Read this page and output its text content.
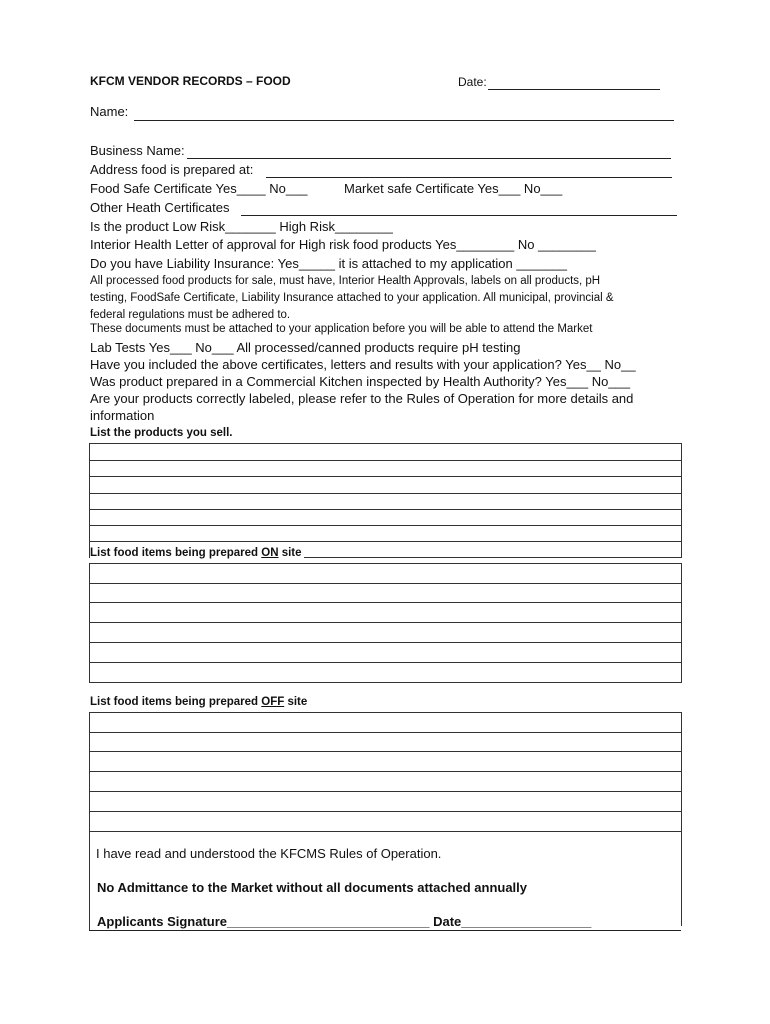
KFCM VENDOR RECORDS – FOOD	Date:
Name:
Business Name:
Address food is prepared at:
Food Safe Certificate Yes____ No___	Market safe Certificate Yes___ No___
Other Heath Certificates
Is the product Low Risk_______ High Risk________
Interior Health Letter of approval for High risk food products Yes________ No ________
Do you have Liability Insurance: Yes_____ it is attached to my application _______
All processed food products for sale, must have, Interior Health Approvals, labels on all products, pH
testing, FoodSafe Certificate, Liability Insurance attached to your application. All municipal, provincial &
federal regulations must be adhered to.
These documents must be attached to your application before you will be able to attend the Market
Lab Tests Yes___ No___ All processed/canned products require pH testing
Have you included the above certificates, letters and results with your application? Yes__ No__
Was product prepared in a Commercial Kitchen inspected by Health Authority? Yes___ No___
Are your products correctly labeled, please refer to the Rules of Operation for more details and
information
List the products you sell.
List food items being prepared ON site
List food items being prepared OFF site
I have read and understood the KFCMS Rules of Operation.
No Admittance to the Market without all documents attached annually
Applicants Signature____________________________ Date__________________
